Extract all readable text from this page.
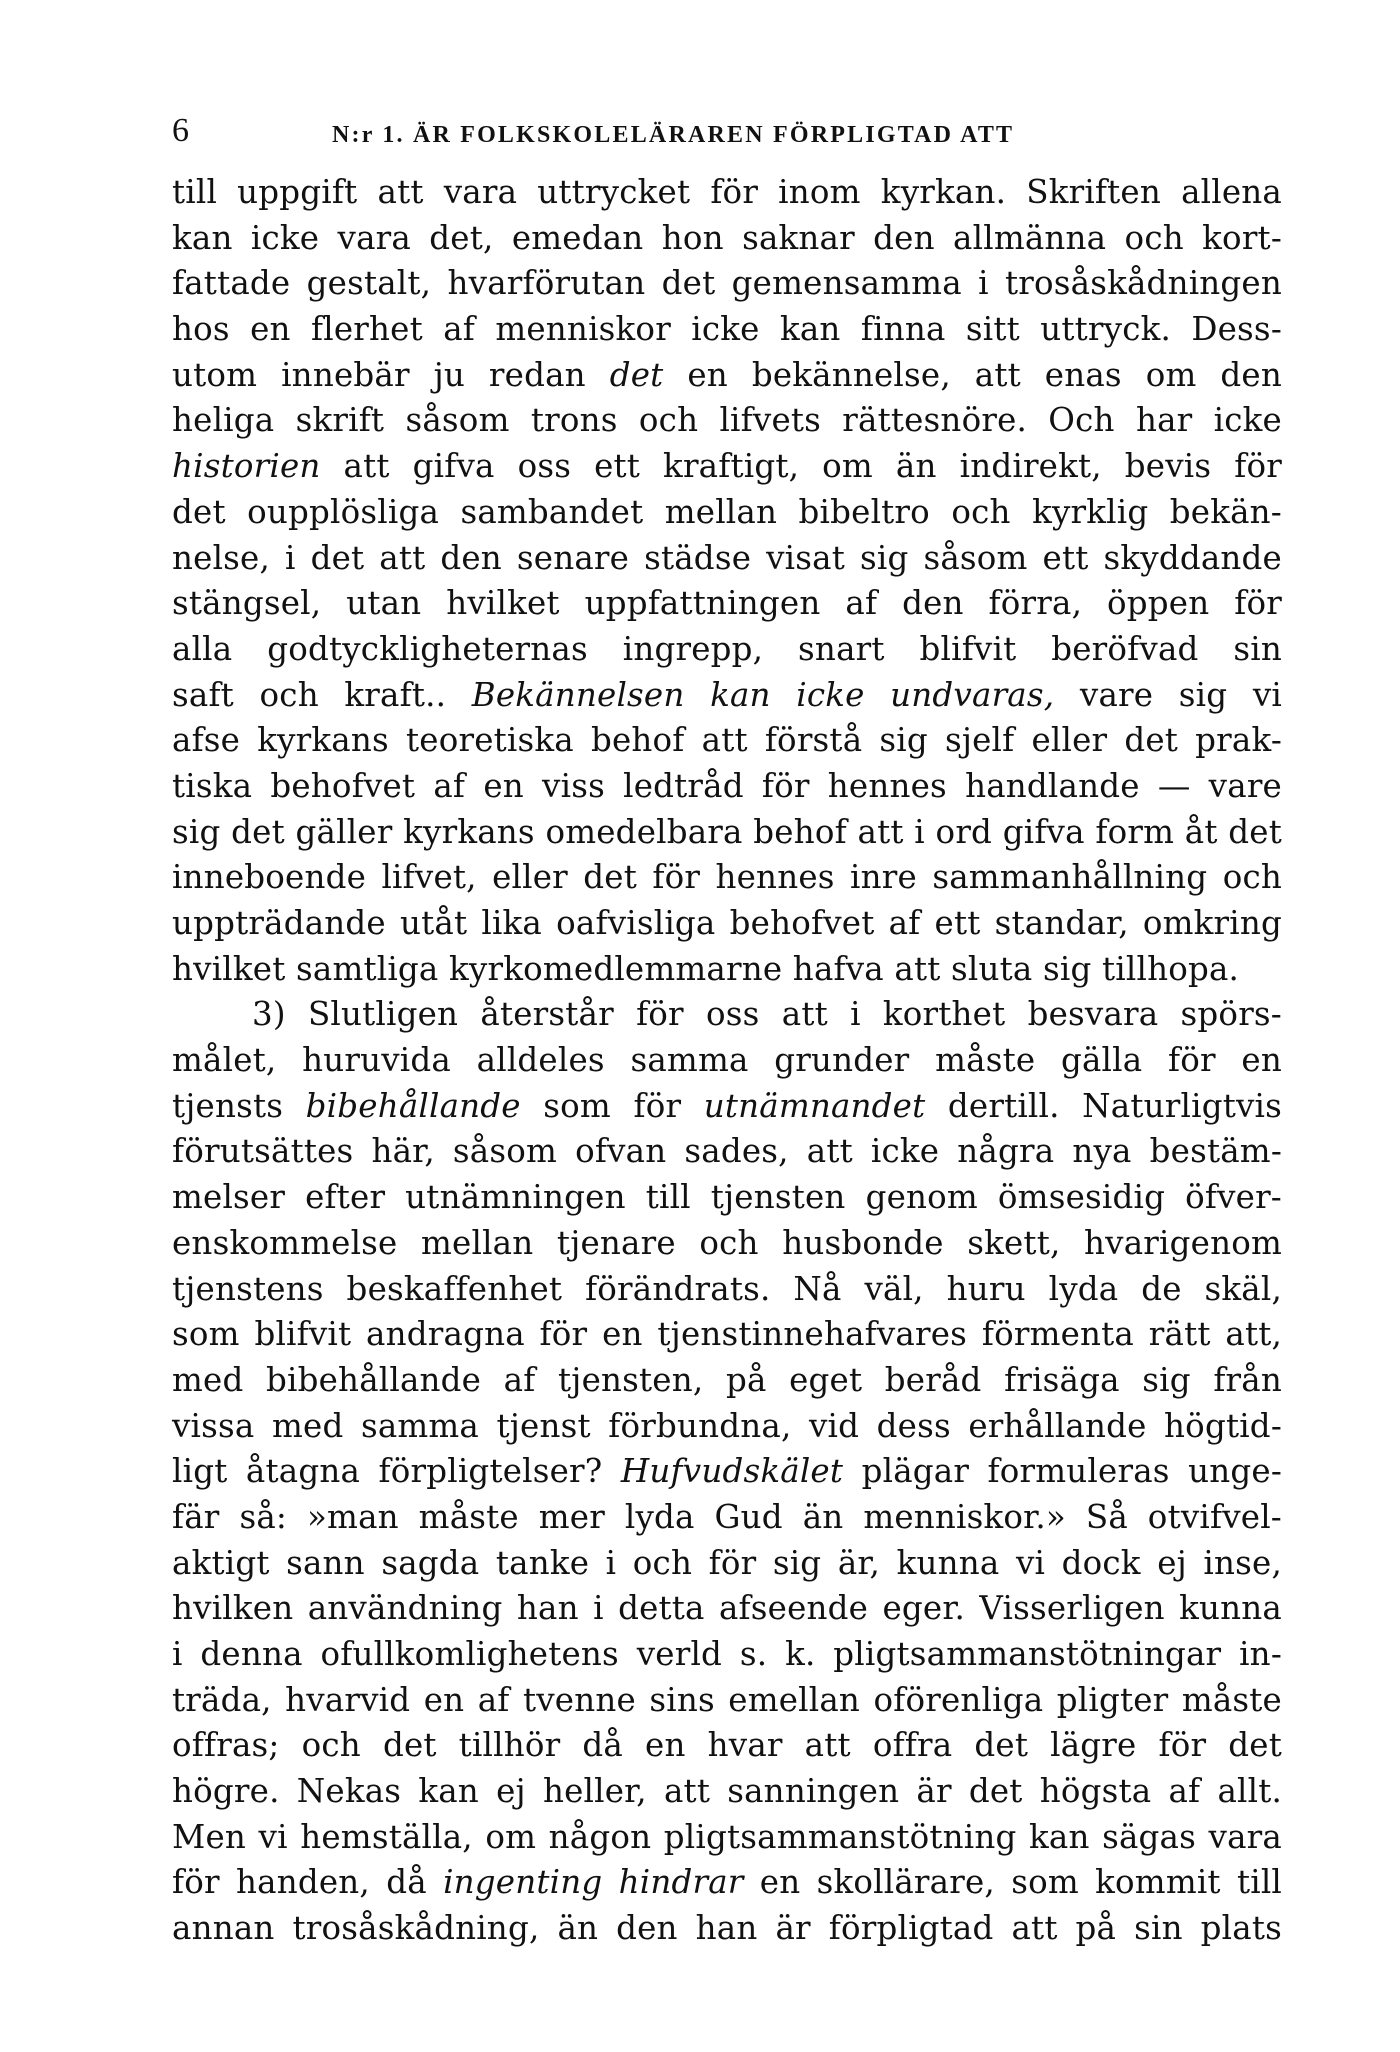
6	N:r 1. ÄR FOLKSKOLELÄRAREN FÖRPLIGTAD ATT
till uppgift att vara uttrycket för inom kyrkan. Skriften allena
kan icke vara det, emedan hon saknar den allmänna och kort-
fattade gestalt, hvarförutan det gemensamma i trosåskådningen
hos en flerhet af menniskor icke kan finna sitt uttryck. Dess-
utom innebär ju redan det en bekännelse, att enas om den
heliga skrift såsom trons och lifvets rättesnöre. Och har icke
historien att gifva oss ett kraftigt, om än indirekt, bevis för
det oupplösliga sambandet mellan bibeltro och kyrklig bekän-
nelse, i det att den senare städse visat sig såsom ett skyddande
stängsel, utan hvilket uppfattningen af den förra, öppen för
alla godtyckligheternas ingrepp, snart blifvit beröfvad sin
saft och kraft.. Bekännelsen kan icke undvaras, vare sig vi
afse kyrkans teoretiska behof att förstå sig sjelf eller det prak-
tiska behofvet af en viss ledtråd för hennes handlande — vare
sig det gäller kyrkans omedelbara behof att i ord gifva form åt det
inneboende lifvet, eller det för hennes inre sammanhållning och
uppträdande utåt lika oafvisliga behofvet af ett standar, omkring
hvilket samtliga kyrkomedlemmarne hafva att sluta sig tillhopa.
3) Slutligen återstår för oss att i korthet besvara spörs-
målet, huruvida alldeles samma grunder måste gälla för en
tjensts bibehållande som för utnämnandet dertill. Naturligtvis
förutsättes här, såsom ofvan sades, att icke några nya bestäm-
melser efter utnämningen till tjensten genom ömsesidig öfver-
enskommelse mellan tjenare och husbonde skett, hvarigenom
tjenstens beskaffenhet förändrats. Nå väl, huru lyda de skäl,
som blifvit andragna för en tjenstinnehafvares förmenta rätt att,
med bibehållande af tjensten, på eget beråd frisäga sig från
vissa med samma tjenst förbundna, vid dess erhållande högtid-
ligt åtagna förpligtelser? Hufvudskälet plägar formuleras unge-
fär så: »man måste mer lyda Gud än menniskor.» Så otvifvel-
aktigt sann sagda tanke i och för sig är, kunna vi dock ej inse,
hvilken användning han i detta afseende eger. Visserligen kunna
i denna ofullkomlighetens verld s. k. pligtsammanstötningar in-
träda, hvarvid en af tvenne sins emellan oförenliga pligter måste
offras; och det tillhör då en hvar att offra det lägre för det
högre. Nekas kan ej heller, att sanningen är det högsta af allt.
Men vi hemställa, om någon pligtsammanstötning kan sägas vara
för handen, då ingenting hindrar en skollärare, som kommit till
annan trosåskådning, än den han är förpligtad att på sin plats
